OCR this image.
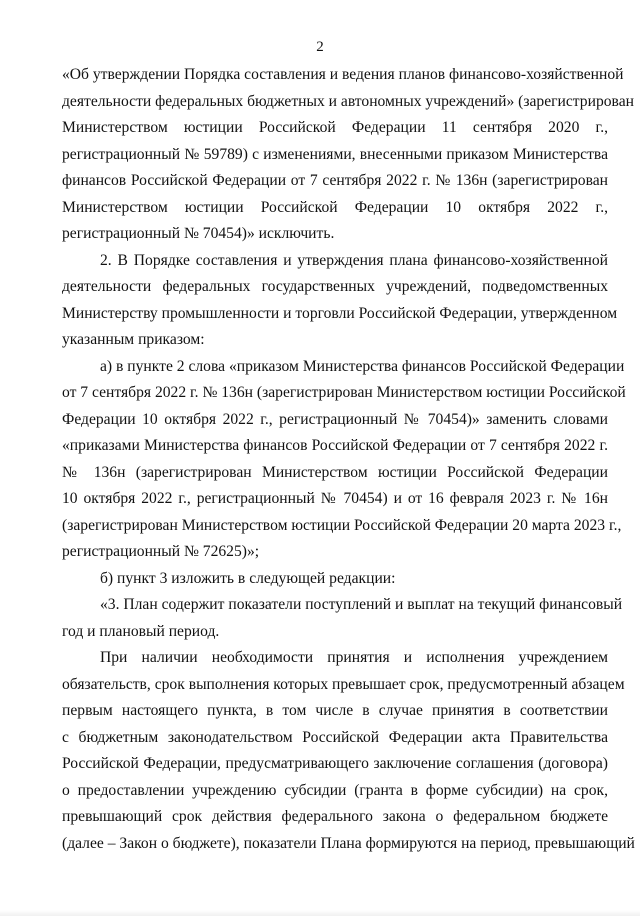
2
«Об утверждении Порядка составления и ведения планов финансово-хозяйственной
деятельности федеральных бюджетных и автономных учреждений» (зарегистрирован
Министерством юстиции Российской Федерации 11 сентября 2020 г.,
регистрационный № 59789) с изменениями, внесенными приказом Министерства
финансов Российской Федерации от 7 сентября 2022 г. № 136н (зарегистрирован
Министерством юстиции Российской Федерации 10 октября 2022 г.,
регистрационный № 70454)» исключить.
2. В Порядке составления и утверждения плана финансово-хозяйственной
деятельности федеральных государственных учреждений, подведомственных
Министерству промышленности и торговли Российской Федерации, утвержденном
указанным приказом:
а) в пункте 2 слова «приказом Министерства финансов Российской Федерации
от 7 сентября 2022 г. № 136н (зарегистрирован Министерством юстиции Российской
Федерации 10 октября 2022 г., регистрационный № 70454)» заменить словами
«приказами Министерства финансов Российской Федерации от 7 сентября 2022 г.
№ 136н (зарегистрирован Министерством юстиции Российской Федерации
10 октября 2022 г., регистрационный № 70454) и от 16 февраля 2023 г. № 16н
(зарегистрирован Министерством юстиции Российской Федерации 20 марта 2023 г.,
регистрационный № 72625)»;
б) пункт 3 изложить в следующей редакции:
«3. План содержит показатели поступлений и выплат на текущий финансовый
год и плановый период.
При наличии необходимости принятия и исполнения учреждением
обязательств, срок выполнения которых превышает срок, предусмотренный абзацем
первым настоящего пункта, в том числе в случае принятия в соответствии
с бюджетным законодательством Российской Федерации акта Правительства
Российской Федерации, предусматривающего заключение соглашения (договора)
о предоставлении учреждению субсидии (гранта в форме субсидии) на срок,
превышающий срок действия федерального закона о федеральном бюджете
(далее – Закон о бюджете), показатели Плана формируются на период, превышающий
